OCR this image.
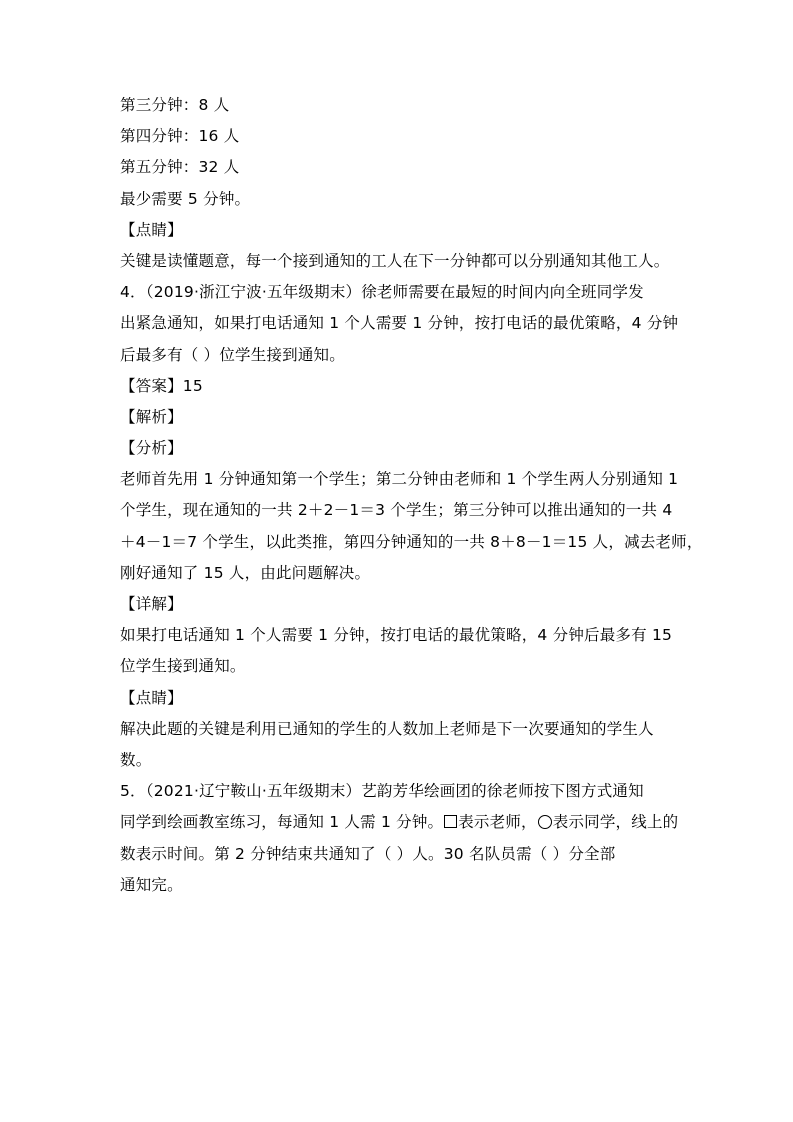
第三分钟：8 人
第四分钟：16 人
第五分钟：32 人
最少需要 5 分钟。
【点睛】
关键是读懂题意，每一个接到通知的工人在下一分钟都可以分别通知其他工人。
4．（2019·浙江宁波·五年级期末）徐老师需要在最短的时间内向全班同学发
出紧急通知，如果打电话通知 1 个人需要 1 分钟，按打电话的最优策略，4 分钟
后最多有（ ）位学生接到通知。
【答案】15
【解析】
【分析】
老师首先用 1 分钟通知第一个学生；第二分钟由老师和 1 个学生两人分别通知 1
个学生，现在通知的一共 2＋2－1＝3 个学生；第三分钟可以推出通知的一共 4
＋4－1＝7 个学生，以此类推，第四分钟通知的一共 8＋8－1＝15 人，减去老师，
刚好通知了 15 人，由此问题解决。
【详解】
如果打电话通知 1 个人需要 1 分钟，按打电话的最优策略，4 分钟后最多有 15
位学生接到通知。
【点睛】
解决此题的关键是利用已通知的学生的人数加上老师是下一次要通知的学生人
数。
5．（2021·辽宁鞍山·五年级期末）艺韵芳华绘画团的徐老师按下图方式通知
同学到绘画教室练习，每通知 1 人需 1 分钟。 表示老师， 表示同学，线上的
数表示时间。第 2 分钟结束共通知了（ ）人。30 名队员需（ ）分全部
通知完。
